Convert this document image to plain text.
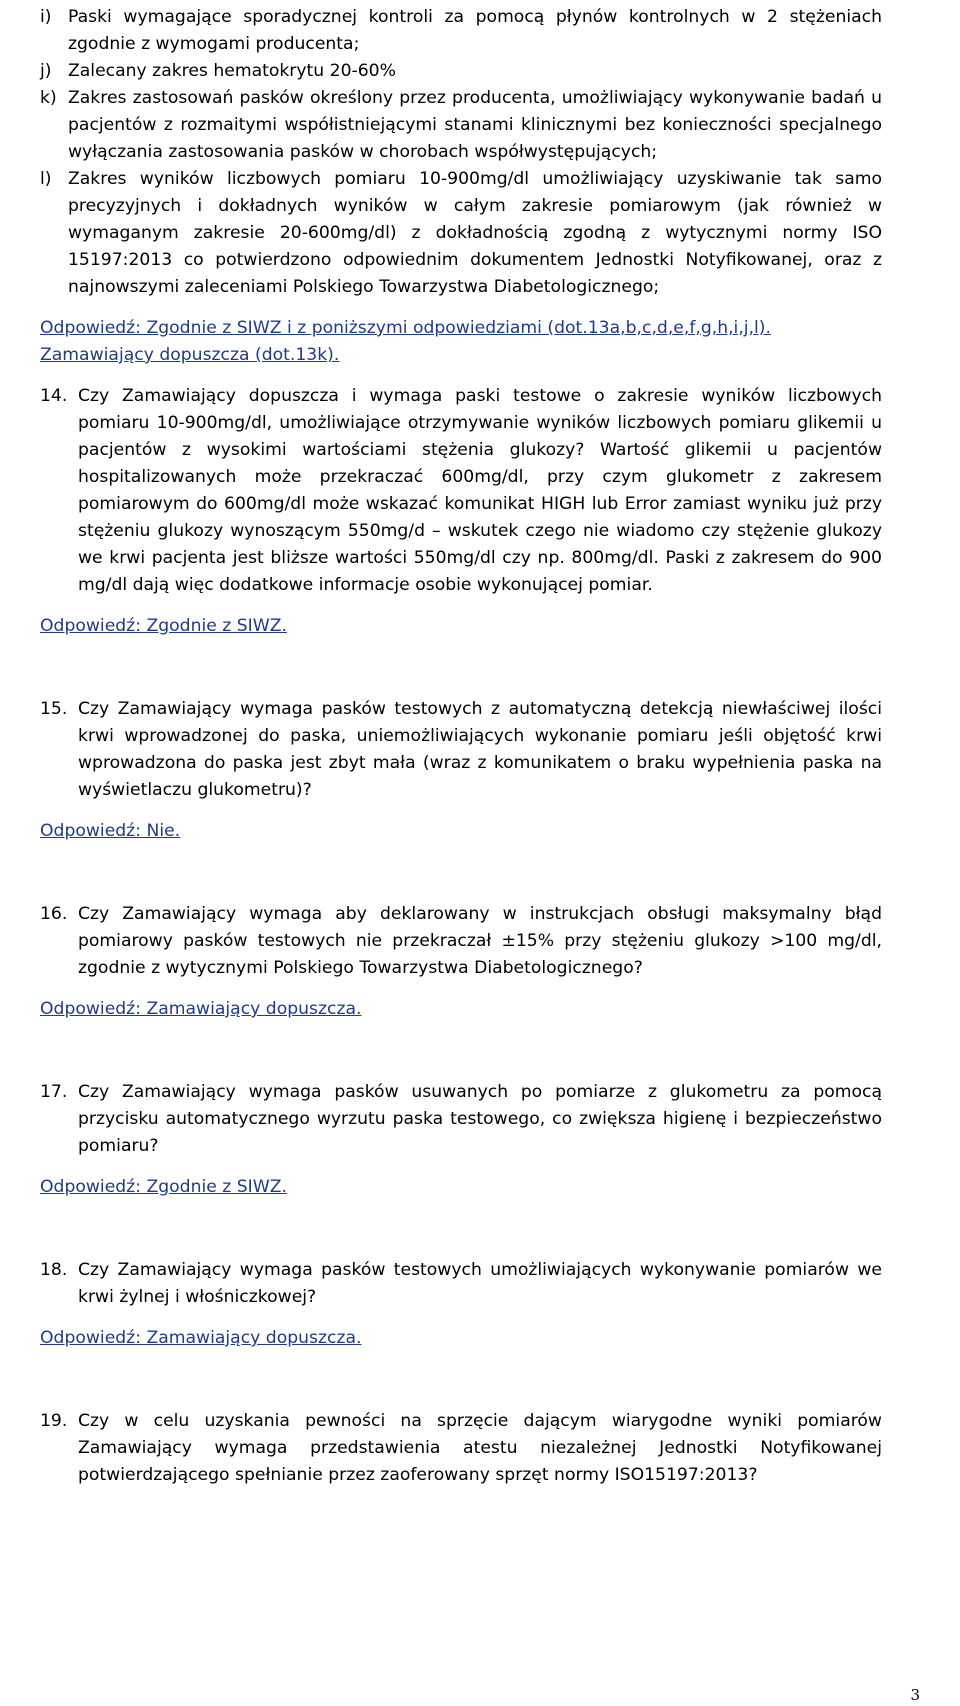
i) Paski wymagające sporadycznej kontroli za pomocą płynów kontrolnych w 2 stężeniach zgodnie z wymogami producenta;
j) Zalecany zakres hematokrytu 20-60%
k) Zakres zastosowań pasków określony przez producenta, umożliwiający wykonywanie badań u pacjentów z rozmaitymi współistniejącymi stanami klinicznymi bez konieczności specjalnego wyłączania zastosowania pasków w chorobach współwystępujących;
l) Zakres wyników liczbowych pomiaru 10-900mg/dl umożliwiający uzyskiwanie tak samo precyzyjnych i dokładnych wyników w całym zakresie pomiarowym (jak również w wymaganym zakresie 20-600mg/dl) z dokładnością zgodną z wytycznymi normy ISO 15197:2013 co potwierdzono odpowiednim dokumentem Jednostki Notyfikowanej, oraz z najnowszymi zaleceniami Polskiego Towarzystwa Diabetologicznego;
Odpowiedź: Zgodnie z SIWZ i z poniższymi odpowiedziami (dot.13a,b,c,d,e,f,g,h,i,j,l).
Zamawiający dopuszcza (dot.13k).
14. Czy Zamawiający dopuszcza i wymaga paski testowe o zakresie wyników liczbowych pomiaru 10-900mg/dl, umożliwiające otrzymywanie wyników liczbowych pomiaru glikemii u pacjentów z wysokimi wartościami stężenia glukozy? Wartość glikemii u pacjentów hospitalizowanych może przekraczać 600mg/dl, przy czym glukometr z zakresem pomiarowym do 600mg/dl może wskazać komunikat HIGH lub Error zamiast wyniku już przy stężeniu glukozy wynoszącym 550mg/d – wskutek czego nie wiadomo czy stężenie glukozy we krwi pacjenta jest bliższe wartości 550mg/dl czy np. 800mg/dl. Paski z zakresem do 900 mg/dl dają więc dodatkowe informacje osobie wykonującej pomiar.
Odpowiedź: Zgodnie z SIWZ.
15. Czy Zamawiający wymaga pasków testowych z automatyczną detekcją niewłaściwej ilości krwi wprowadzonej do paska, uniemożliwiających wykonanie pomiaru jeśli objętość krwi wprowadzona do paska jest zbyt mała (wraz z komunikatem o braku wypełnienia paska na wyświetlaczu glukometru)?
Odpowiedź: Nie.
16. Czy Zamawiający wymaga aby deklarowany w instrukcjach obsługi maksymalny błąd pomiarowy pasków testowych nie przekraczał ±15% przy stężeniu glukozy >100 mg/dl, zgodnie z wytycznymi Polskiego Towarzystwa Diabetologicznego?
Odpowiedź: Zamawiający dopuszcza.
17. Czy Zamawiający wymaga pasków usuwanych po pomiarze z glukometru za pomocą przycisku automatycznego wyrzutu paska testowego, co zwiększa higienę i bezpieczeństwo pomiaru?
Odpowiedź: Zgodnie z SIWZ.
18. Czy Zamawiający wymaga pasków testowych umożliwiających wykonywanie pomiarów we krwi żylnej i włośniczkowej?
Odpowiedź: Zamawiający dopuszcza.
19. Czy w celu uzyskania pewności na sprzęcie dającym wiarygodne wyniki pomiarów Zamawiający wymaga przedstawienia atestu niezależnej Jednostki Notyfikowanej potwierdzającego spełnianie przez zaoferowany sprzęt normy ISO15197:2013?
3
